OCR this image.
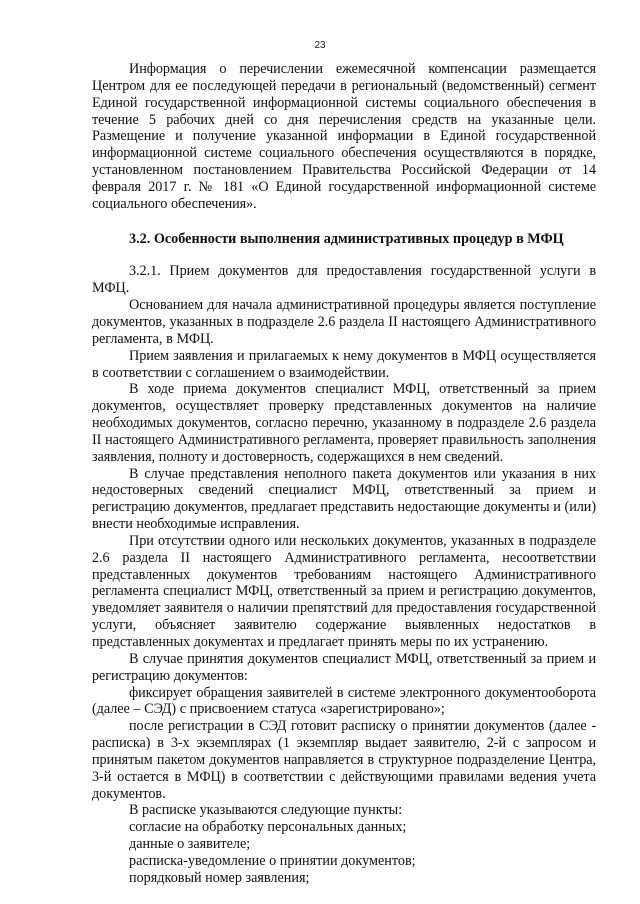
23

Информация о перечислении ежемесячной компенсации размещается Центром для ее последующей передачи в региональный (ведомственный) сегмент Единой государственной информационной системы социального обеспечения в течение 5 рабочих дней со дня перечисления средств на указанные цели. Размещение и получение указанной информации в Единой государственной информационной системе социального обеспечения осуществляются в порядке, установленном постановлением Правительства Российской Федерации от 14 февраля 2017 г. № 181 «О Единой государственной информационной системе социального обеспечения».

3.2. Особенности выполнения административных процедур в МФЦ

3.2.1. Прием документов для предоставления государственной услуги в МФЦ.

Основанием для начала административной процедуры является поступление документов, указанных в подразделе 2.6 раздела II настоящего Административного регламента, в МФЦ.

Прием заявления и прилагаемых к нему документов в МФЦ осуществляется в соответствии с соглашением о взаимодействии.

В ходе приема документов специалист МФЦ, ответственный за прием документов, осуществляет проверку представленных документов на наличие необходимых документов, согласно перечню, указанному в подразделе 2.6 раздела II настоящего Административного регламента, проверяет правильность заполнения заявления, полноту и достоверность, содержащихся в нем сведений.

В случае представления неполного пакета документов или указания в них недостоверных сведений специалист МФЦ, ответственный за прием и регистрацию документов, предлагает представить недостающие документы и (или) внести необходимые исправления.

При отсутствии одного или нескольких документов, указанных в подразделе 2.6 раздела II настоящего Административного регламента, несоответствии представленных документов требованиям настоящего Административного регламента специалист МФЦ, ответственный за прием и регистрацию документов, уведомляет заявителя о наличии препятствий для предоставления государственной услуги, объясняет заявителю содержание выявленных недостатков в представленных документах и предлагает принять меры по их устранению.

В случае принятия документов специалист МФЦ, ответственный за прием и регистрацию документов:

фиксирует обращения заявителей в системе электронного документооборота (далее – СЭД) с присвоением статуса «зарегистрировано»;

после регистрации в СЭД готовит расписку о принятии документов (далее - расписка) в 3-х экземплярах (1 экземпляр выдает заявителю, 2-й с запросом и принятым пакетом документов направляется в структурное подразделение Центра, 3-й остается в МФЦ) в соответствии с действующими правилами ведения учета документов.

В расписке указываются следующие пункты:

согласие на обработку персональных данных;

данные о заявителе;

расписка-уведомление о принятии документов;

порядковый номер заявления;
